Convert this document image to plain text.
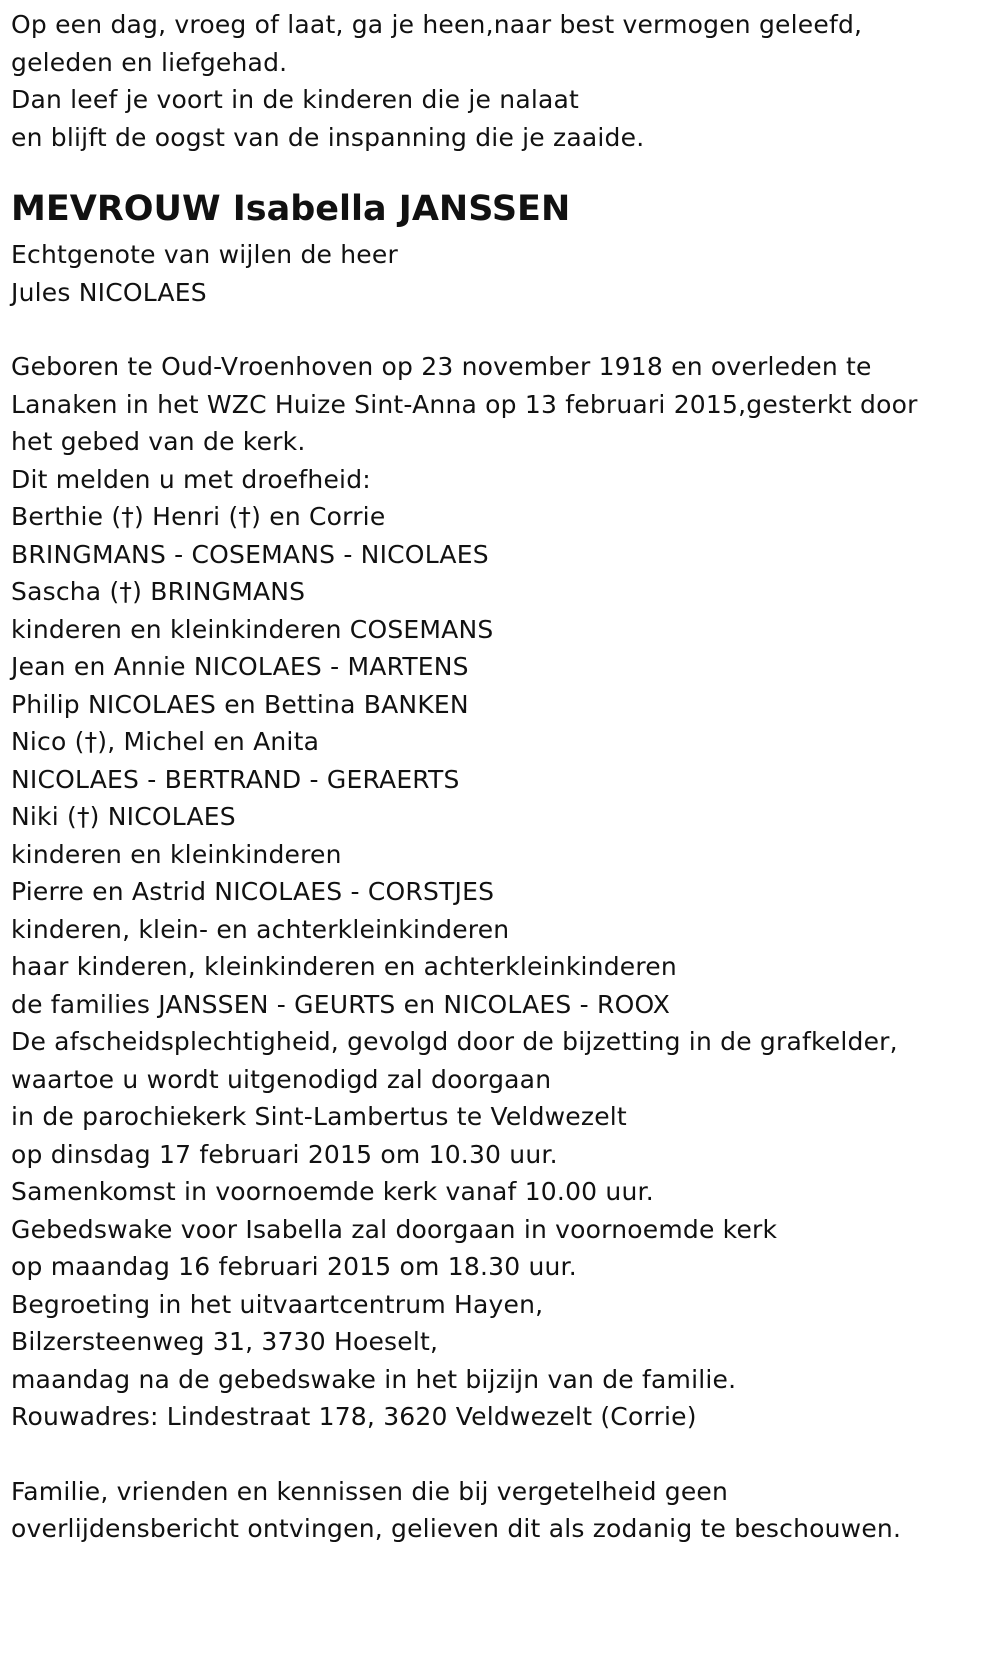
Op een dag, vroeg of laat, ga je heen,naar best vermogen geleefd,
geleden en liefgehad.
Dan leef je voort in de kinderen die je nalaat
en blijft de oogst van de inspanning die je zaaide.
MEVROUW Isabella JANSSEN
Echtgenote van wijlen de heer
Jules NICOLAES
Geboren te Oud-Vroenhoven op 23 november 1918 en overleden te
Lanaken in het WZC Huize Sint-Anna op 13 februari 2015,gesterkt door
het gebed van de kerk.
Dit melden u met droefheid:
Berthie (†) Henri (†) en Corrie
BRINGMANS - COSEMANS - NICOLAES
Sascha (†) BRINGMANS
kinderen en kleinkinderen COSEMANS
Jean en Annie NICOLAES - MARTENS
Philip NICOLAES en Bettina BANKEN
Nico (†), Michel en Anita
NICOLAES - BERTRAND - GERAERTS
Niki (†) NICOLAES
kinderen en kleinkinderen
Pierre en Astrid NICOLAES - CORSTJES
kinderen, klein- en achterkleinkinderen
haar kinderen, kleinkinderen en achterkleinkinderen
de families JANSSEN - GEURTS en NICOLAES - ROOX
De afscheidsplechtigheid, gevolgd door de bijzetting in de grafkelder,
waartoe u wordt uitgenodigd zal doorgaan
in de parochiekerk Sint-Lambertus te Veldwezelt
op dinsdag 17 februari 2015 om 10.30 uur.
Samenkomst in voornoemde kerk vanaf 10.00 uur.
Gebedswake voor Isabella zal doorgaan in voornoemde kerk
op maandag 16 februari 2015 om 18.30 uur.
Begroeting in het uitvaartcentrum Hayen,
Bilzersteenweg 31, 3730 Hoeselt,
maandag na de gebedswake in het bijzijn van de familie.
Rouwadres: Lindestraat 178, 3620 Veldwezelt (Corrie)
Familie, vrienden en kennissen die bij vergetelheid geen
overlijdensbericht ontvingen, gelieven dit als zodanig te beschouwen.
